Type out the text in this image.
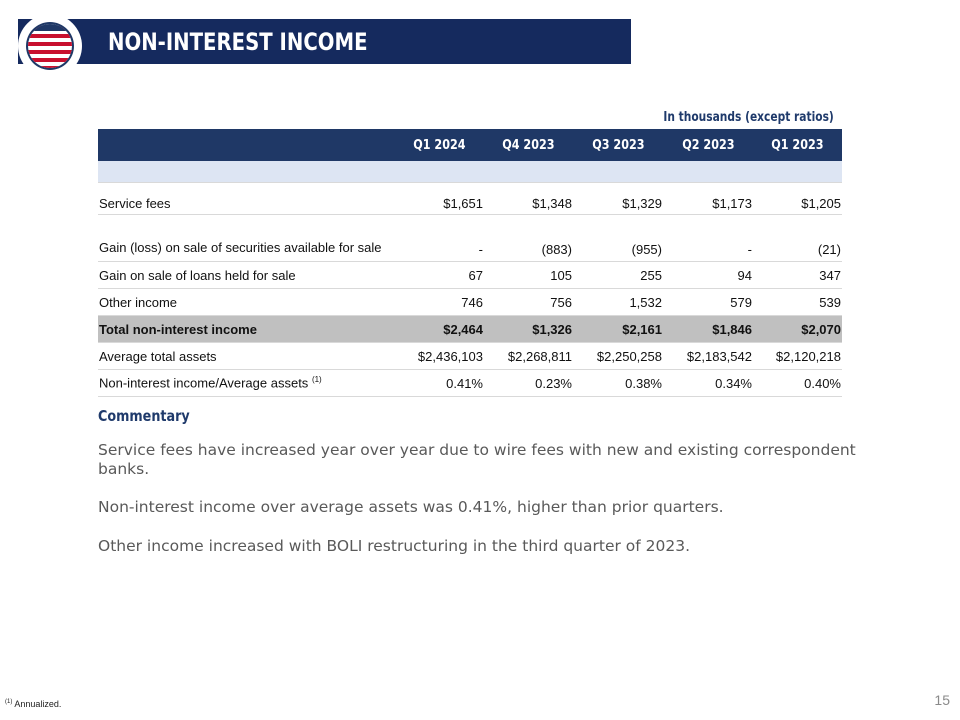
NON-INTEREST INCOME
In thousands (except ratios)
	Q1 2024	Q4 2023	Q3 2023	Q2 2023	Q1 2023

Service fees	$1,651	$1,348	$1,329	$1,173	$1,205
Gain (loss) on sale of securities available for sale	-	(883)	(955)	-	(21)
Gain on sale of loans held for sale	67	105	255	94	347
Other income	746	756	1,532	579	539
Total non-interest income	$2,464	$1,326	$2,161	$1,846	$2,070
Average total assets	$2,436,103	$2,268,811	$2,250,258	$2,183,542	$2,120,218
Non-interest income/Average assets $^{(1)}$	0.41%	0.23%	0.38%	0.34%	0.40%
Commentary
Service fees have increased year over year due to wire fees with new and existing correspondent banks.
Non-interest income over average assets was 0.41%, higher than prior quarters.
Other income increased with BOLI restructuring in the third quarter of 2023.
$^{(1)}$ Annualized.	15
